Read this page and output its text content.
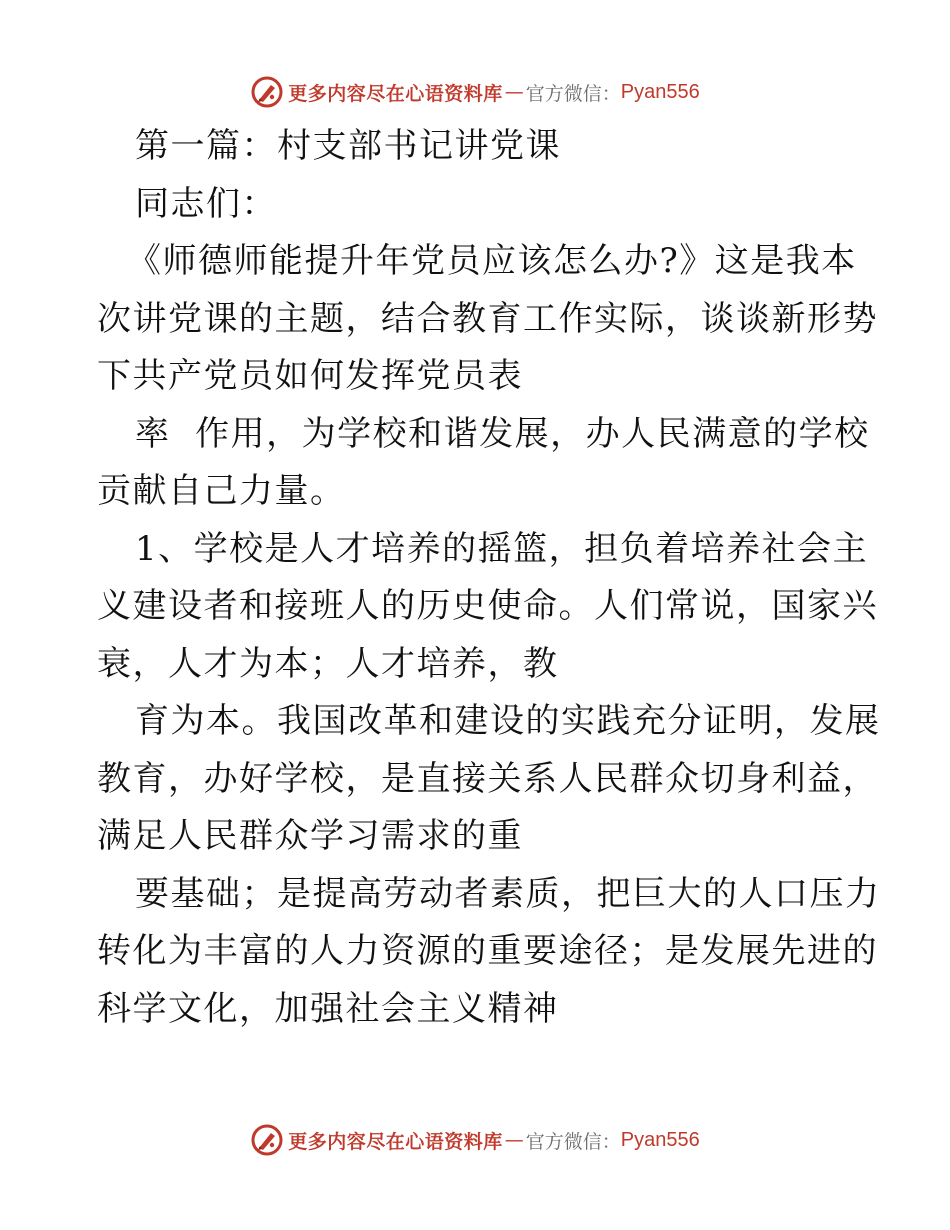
更多内容尽在心语资料库 — 官方微信： Pyan556
第一篇：村支部书记讲党课
同志们：
《师德师能提升年党员应该怎么办?》这是我本
次讲党课的主题，结合教育工作实际，谈谈新形势
下共产党员如何发挥党员表
率  作用，为学校和谐发展，办人民满意的学校
贡献自己力量。
1、学校是人才培养的摇篮，担负着培养社会主
义建设者和接班人的历史使命。人们常说，国家兴
衰，人才为本；人才培养，教
育为本。我国改革和建设的实践充分证明，发展
教育，办好学校，是直接关系人民群众切身利益，
满足人民群众学习需求的重
要基础；是提高劳动者素质，把巨大的人口压力
转化为丰富的人力资源的重要途径；是发展先进的
科学文化，加强社会主义精神
更多内容尽在心语资料库 — 官方微信： Pyan556
